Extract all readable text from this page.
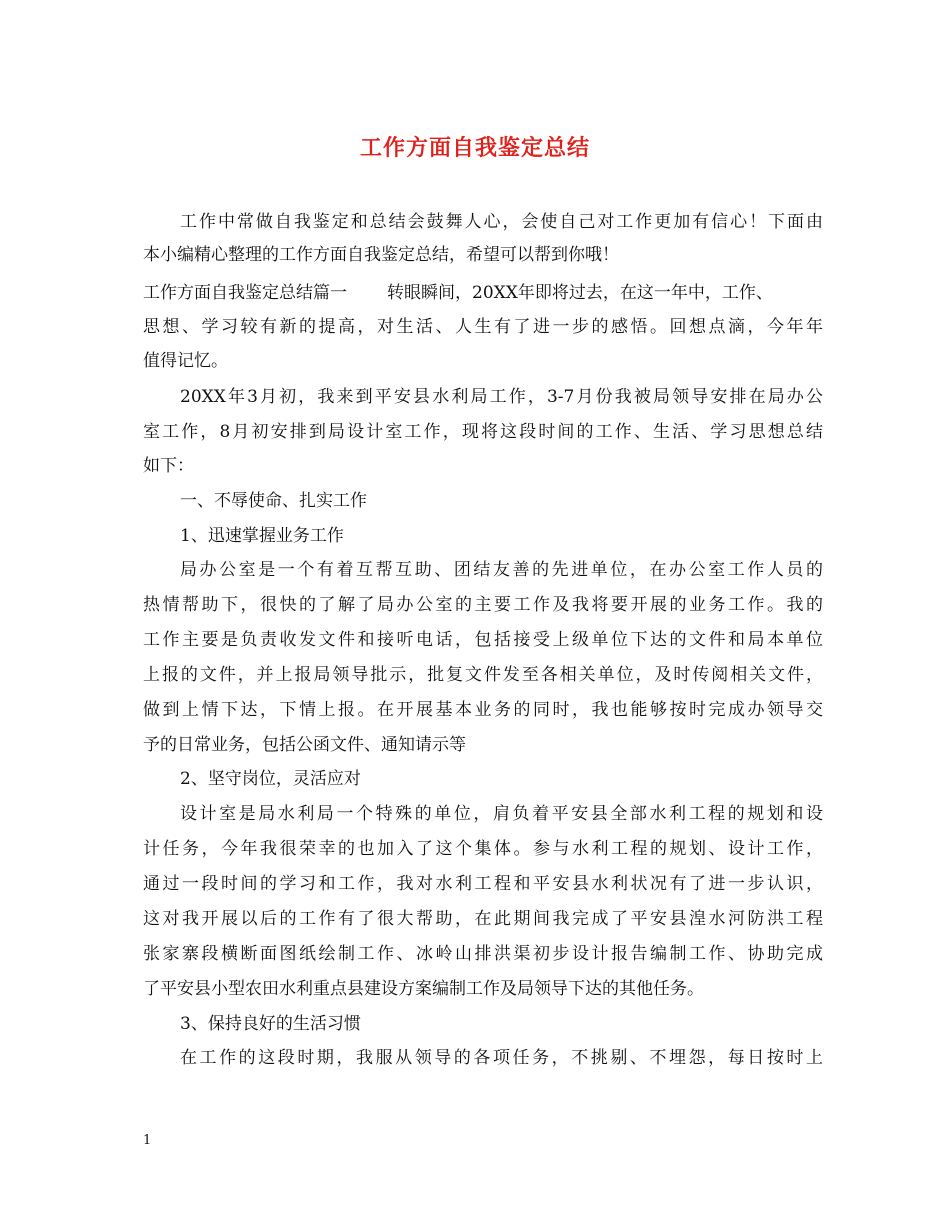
工作方面自我鉴定总结
工作中常做自我鉴定和总结会鼓舞人心，会使自己对工作更加有信心！下面由
本小编精心整理的工作方面自我鉴定总结，希望可以帮到你哦！
工作方面自我鉴定总结篇一 转眼瞬间，20XX年即将过去，在这一年中，工作、
思想、学习较有新的提高，对生活、人生有了进一步的感悟。回想点滴，今年年
值得记忆。
20XX年3月初，我来到平安县水利局工作，3-7月份我被局领导安排在局办公
室工作，8月初安排到局设计室工作，现将这段时间的工作、生活、学习思想总结
如下：
一、不辱使命、扎实工作
1、迅速掌握业务工作
局办公室是一个有着互帮互助、团结友善的先进单位，在办公室工作人员的
热情帮助下，很快的了解了局办公室的主要工作及我将要开展的业务工作。我的
工作主要是负责收发文件和接听电话，包括接受上级单位下达的文件和局本单位
上报的文件，并上报局领导批示，批复文件发至各相关单位，及时传阅相关文件，
做到上情下达，下情上报。在开展基本业务的同时，我也能够按时完成办领导交
予的日常业务，包括公函文件、通知请示等
2、坚守岗位，灵活应对
设计室是局水利局一个特殊的单位，肩负着平安县全部水利工程的规划和设
计任务，今年我很荣幸的也加入了这个集体。参与水利工程的规划、设计工作，
通过一段时间的学习和工作，我对水利工程和平安县水利状况有了进一步认识，
这对我开展以后的工作有了很大帮助，在此期间我完成了平安县湟水河防洪工程
张家寨段横断面图纸绘制工作、冰岭山排洪渠初步设计报告编制工作、协助完成
了平安县小型农田水利重点县建设方案编制工作及局领导下达的其他任务。
3、保持良好的生活习惯
在工作的这段时期，我服从领导的各项任务，不挑剔、不埋怨，每日按时上
1
